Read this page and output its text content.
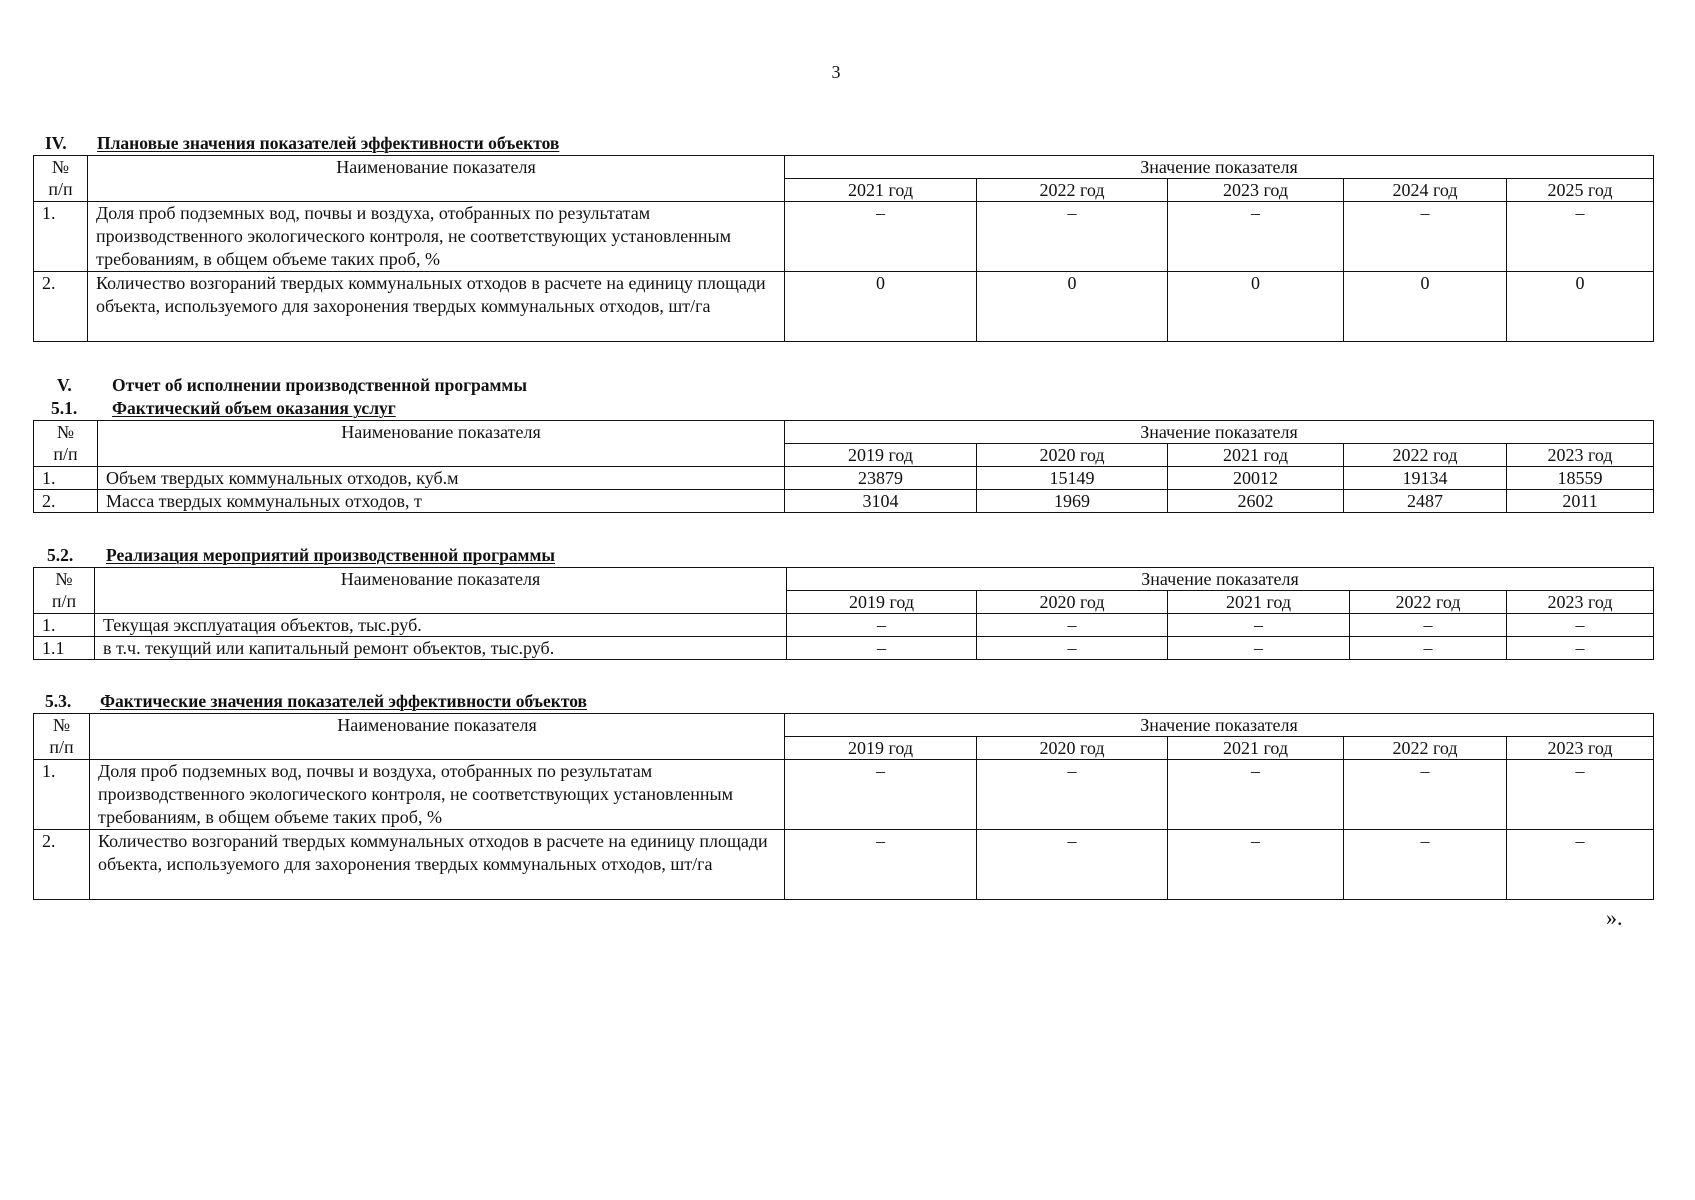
3
IV. Плановые значения показателей эффективности объектов
№
п/п	Наименование показателя	Значение показателя				
		2021 год	2022 год	2023 год	2024 год	2025 год
1.	Доля проб подземных вод, почвы и воздуха, отобранных по результатам производственного экологического контроля, не соответствующих установленным требованиям, в общем объеме таких проб, %	–	–	–	–	–
2.	Количество возгораний твердых коммунальных отходов в расчете на единицу площади объекта, используемого для захоронения твердых коммунальных отходов, шт/га	0	0	0	0	0
V. Отчет об исполнении производственной программы
5.1. Фактический объем оказания услуг
№
п/п	Наименование показателя	Значение показателя				
		2019 год	2020 год	2021 год	2022 год	2023 год
1.	Объем твердых коммунальных отходов, куб.м	23879	15149	20012	19134	18559
2.	Масса твердых коммунальных отходов, т	3104	1969	2602	2487	2011
5.2. Реализация мероприятий производственной программы
№
п/п	Наименование показателя	Значение показателя				
		2019 год	2020 год	2021 год	2022 год	2023 год
1.	Текущая эксплуатация объектов, тыс.руб.	–	–	–	–	–
1.1	в т.ч. текущий или капитальный ремонт объектов, тыс.руб.	–	–	–	–	–
5.3. Фактические значения показателей эффективности объектов
№
п/п	Наименование показателя	Значение показателя				
		2019 год	2020 год	2021 год	2022 год	2023 год
1.	Доля проб подземных вод, почвы и воздуха, отобранных по результатам производственного экологического контроля, не соответствующих установленным требованиям, в общем объеме таких проб, %	–	–	–	–	–
2.	Количество возгораний твердых коммунальных отходов в расчете на единицу площади объекта, используемого для захоронения твердых коммунальных отходов, шт/га	–	–	–	–	–
».
